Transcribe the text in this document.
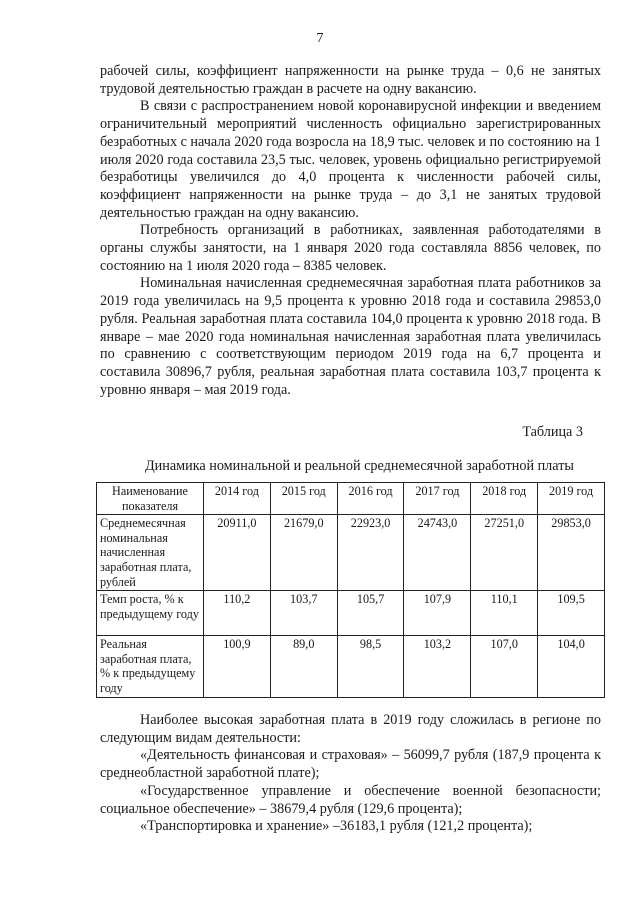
7

рабочей силы, коэффициент напряженности на рынке труда – 0,6 не занятых трудовой деятельностью граждан в расчете на одну вакансию.

В связи с распространением новой коронавирусной инфекции и введением ограничительный мероприятий численность официально зарегистрированных безработных с начала 2020 года возросла на 18,9 тыс. человек и по состоянию на 1 июля 2020 года составила 23,5 тыс. человек, уровень официально регистрируемой безработицы увеличился до 4,0 процента к численности рабочей силы, коэффициент напряженности на рынке труда – до 3,1 не занятых трудовой деятельностью граждан на одну вакансию.

Потребность организаций в работниках, заявленная работодателями в органы службы занятости, на 1 января 2020 года составляла 8856 человек, по состоянию на 1 июля 2020 года – 8385 человек.

Номинальная начисленная среднемесячная заработная плата работников за 2019 года увеличилась на 9,5 процента к уровню 2018 года и составила 29853,0 рубля. Реальная заработная плата составила 104,0 процента к уровню 2018 года. В январе – мае 2020 года номинальная начисленная заработная плата увеличилась по сравнению с соответствующим периодом 2019 года на 6,7 процента и составила 30896,7 рубля, реальная заработная плата составила 103,7 процента к уровню января – мая 2019 года.

Таблица 3
Динамика номинальной и реальной среднемесячной заработной платы
Наименование показателя	2014 год	2015 год	2016 год	2017 год	2018 год	2019 год
Среднемесячная номинальная начисленная заработная плата, рублей	20911,0	21679,0	22923,0	24743,0	27251,0	29853,0
Темп роста, % к предыдущему году	110,2	103,7	105,7	107,9	110,1	109,5
Реальная заработная плата, % к предыдущему году	100,9	89,0	98,5	103,2	107,0	104,0

Наиболее высокая заработная плата в 2019 году сложилась в регионе по следующим видам деятельности:

«Деятельность финансовая и страховая» – 56099,7 рубля (187,9 процента к среднеобластной заработной плате);

«Государственное управление и обеспечение военной безопасности; социальное обеспечение» – 38679,4 рубля (129,6 процента);

«Транспортировка и хранение» –36183,1 рубля (121,2 процента);
